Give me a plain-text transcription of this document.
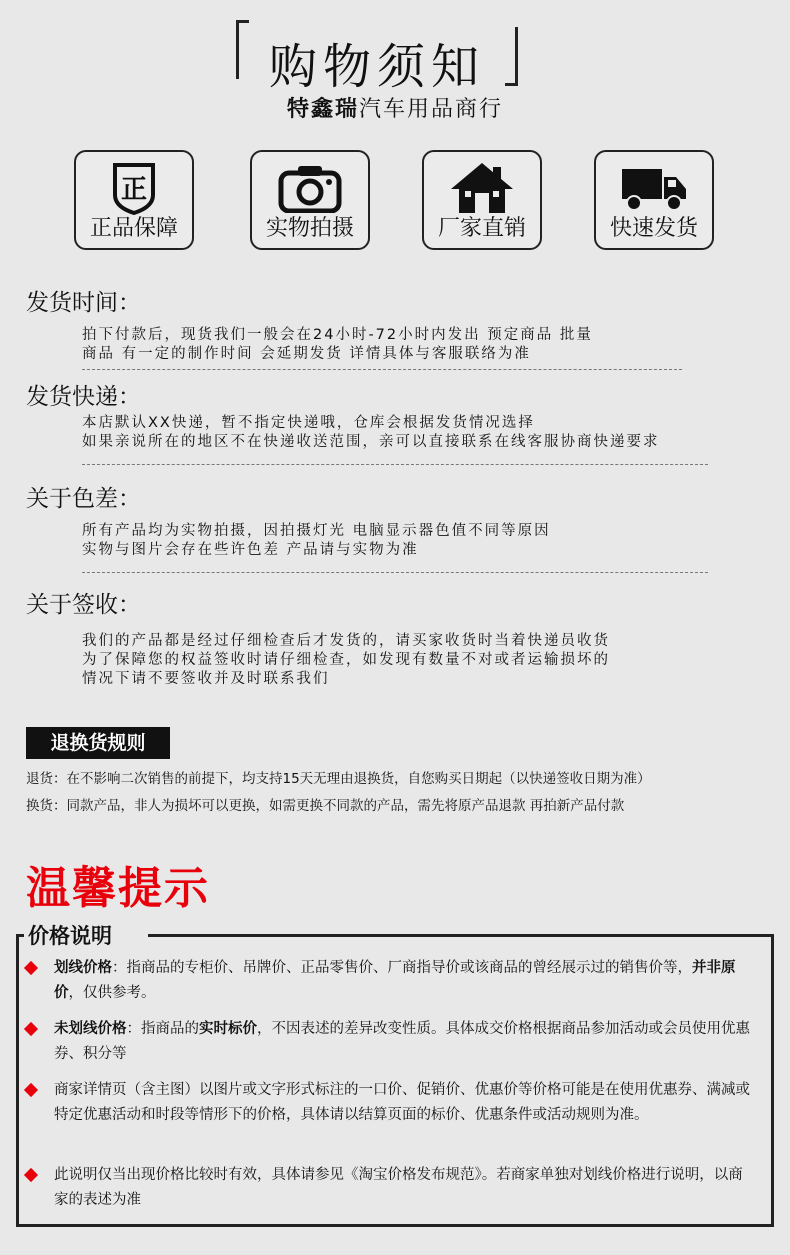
购物须知
特鑫瑞汽车用品商行
正
正品保障	实物拍摄	厂家直销	快速发货
发货时间：
拍下付款后，现货我们一般会在24小时-72小时内发出 预定商品 批量
商品 有一定的制作时间 会延期发货 详情具体与客服联络为准
发货快递：
本店默认XX快递，暂不指定快递哦，仓库会根据发货情况选择
如果亲说所在的地区不在快递收送范围，亲可以直接联系在线客服协商快递要求
关于色差：
所有产品均为实物拍摄，因拍摄灯光 电脑显示器色值不同等原因
实物与图片会存在些许色差 产品请与实物为准
关于签收：
我们的产品都是经过仔细检查后才发货的，请买家收货时当着快递员收货
为了保障您的权益签收时请仔细检查，如发现有数量不对或者运输损坏的
情况下请不要签收并及时联系我们
退换货规则
退货：在不影响二次销售的前提下，均支持15天无理由退换货，自您购买日期起（以快递签收日期为准）
换货：同款产品，非人为损坏可以更换，如需更换不同款的产品，需先将原产品退款 再拍新产品付款
温馨提示
价格说明
划线价格：指商品的专柜价、吊牌价、正品零售价、厂商指导价或该商品的曾经展示过的销售价等，并非原价，仅供参考。
未划线价格：指商品的实时标价，不因表述的差异改变性质。具体成交价格根据商品参加活动或会员使用优惠券、积分等
商家详情页（含主图）以图片或文字形式标注的一口价、促销价、优惠价等价格可能是在使用优惠券、满减或特定优惠活动和时段等情形下的价格，具体请以结算页面的标价、优惠条件或活动规则为准。
此说明仅当出现价格比较时有效，具体请参见《淘宝价格发布规范》。若商家单独对划线价格进行说明，以商家的表述为准
